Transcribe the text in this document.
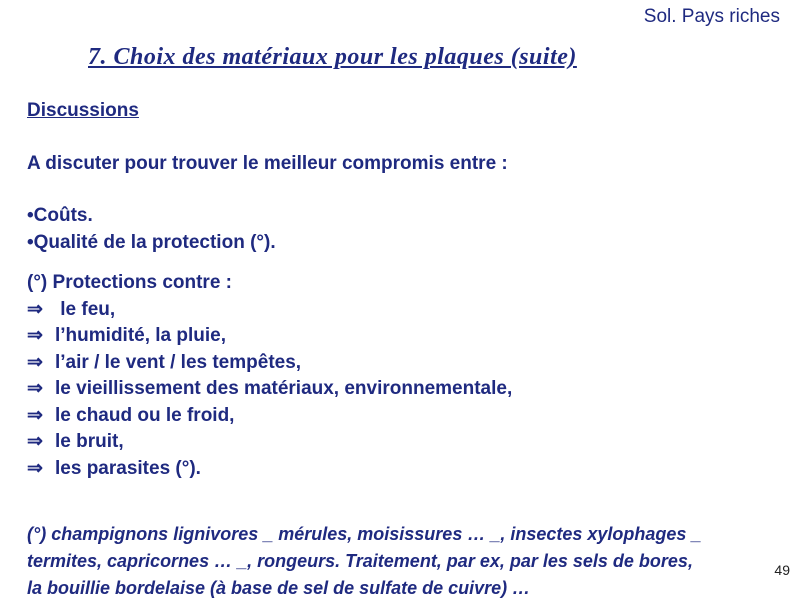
Sol. Pays riches
7. Choix des matériaux pour les plaques (suite)
Discussions
A discuter pour trouver le meilleur compromis entre :
•Coûts.
•Qualité de la protection (°).
(°) Protections contre :
⇒ le feu,
⇒ l’humidité, la pluie,
⇒ l’air / le vent / les tempêtes,
⇒ le vieillissement des matériaux, environnementale,
⇒ le chaud ou le froid,
⇒ le bruit,
⇒ les parasites (°).
(°) champignons lignivores _ mérules, moisissures … _, insectes xylophages _
termites, capricornes … _, rongeurs. Traitement, par ex, par les sels de bores,
la bouillie bordelaise (à base de sel de sulfate de cuivre) …
49
